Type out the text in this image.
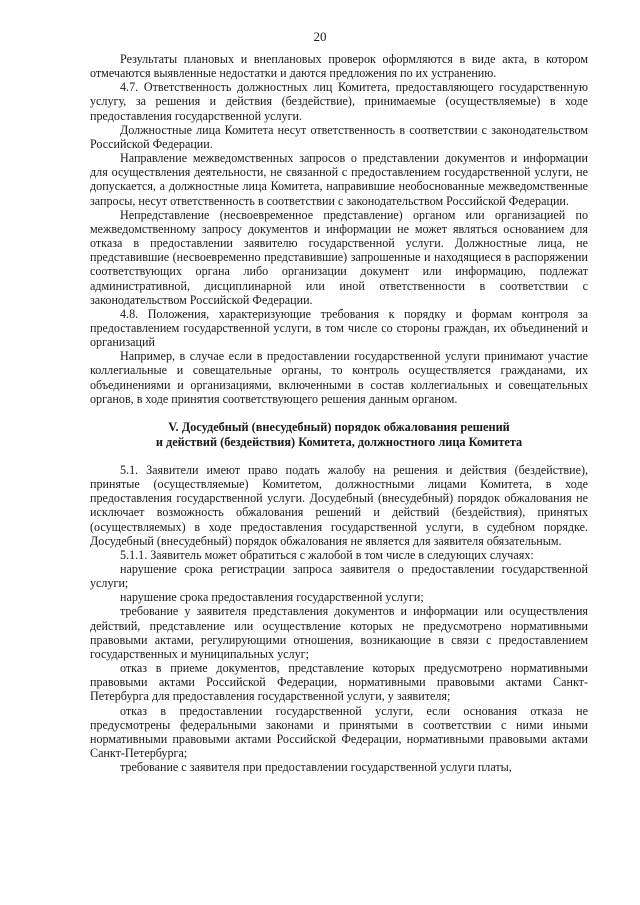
20

Результаты плановых и внеплановых проверок оформляются в виде акта, в котором отмечаются выявленные недостатки и даются предложения по их устранению.

4.7. Ответственность должностных лиц Комитета, предоставляющего государственную услугу, за решения и действия (бездействие), принимаемые (осуществляемые) в ходе предоставления государственной услуги.

Должностные лица Комитета несут ответственность в соответствии с законодательством Российской Федерации.

Направление межведомственных запросов о представлении документов и информации для осуществления деятельности, не связанной с предоставлением государственной услуги, не допускается, а должностные лица Комитета, направившие необоснованные межведомственные запросы, несут ответственность в соответствии с законодательством Российской Федерации.

Непредставление (несвоевременное представление) органом или организацией по межведомственному запросу документов и информации не может являться основанием для отказа в предоставлении заявителю государственной услуги. Должностные лица, не представившие (несвоевременно представившие) запрошенные и находящиеся в распоряжении соответствующих органа либо организации документ или информацию, подлежат административной, дисциплинарной или иной ответственности в соответствии с законодательством Российской Федерации.

4.8. Положения, характеризующие требования к порядку и формам контроля за предоставлением государственной услуги, в том числе со стороны граждан, их объединений и организаций

Например, в случае если в предоставлении государственной услуги принимают участие коллегиальные и совещательные органы, то контроль осуществляется гражданами, их объединениями и организациями, включенными в состав коллегиальных и совещательных органов, в ходе принятия соответствующего решения данным органом.

V. Досудебный (внесудебный) порядок обжалования решений
и действий (бездействия) Комитета, должностного лица Комитета

5.1. Заявители имеют право подать жалобу на решения и действия (бездействие), принятые (осуществляемые) Комитетом, должностными лицами Комитета, в ходе предоставления государственной услуги. Досудебный (внесудебный) порядок обжалования не исключает возможность обжалования решений и действий (бездействия), принятых (осуществляемых) в ходе предоставления государственной услуги, в судебном порядке. Досудебный (внесудебный) порядок обжалования не является для заявителя обязательным.

5.1.1. Заявитель может обратиться с жалобой в том числе в следующих случаях:

нарушение срока регистрации запроса заявителя о предоставлении государственной услуги;

нарушение срока предоставления государственной услуги;

требование у заявителя представления документов и информации или осуществления действий, представление или осуществление которых не предусмотрено нормативными правовыми актами, регулирующими отношения, возникающие в связи с предоставлением государственных и муниципальных услуг;

отказ в приеме документов, представление которых предусмотрено нормативными правовыми актами Российской Федерации, нормативными правовыми актами Санкт-Петербурга для предоставления государственной услуги, у заявителя;

отказ в предоставлении государственной услуги, если основания отказа не предусмотрены федеральными законами и принятыми в соответствии с ними иными нормативными правовыми актами Российской Федерации, нормативными правовыми актами Санкт-Петербурга;

требование с заявителя при предоставлении государственной услуги платы,
